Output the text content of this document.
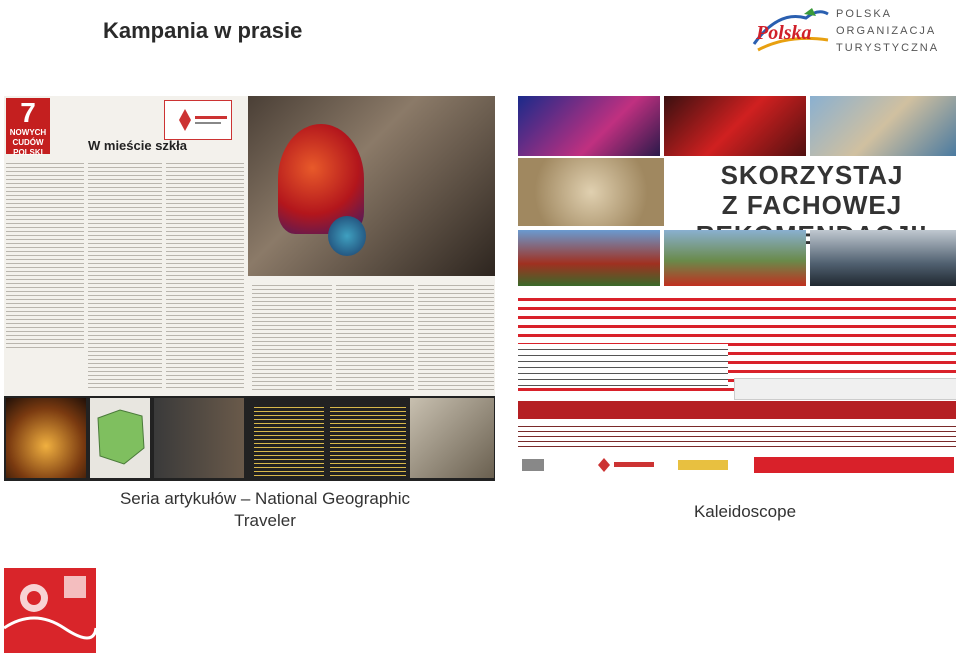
Kampania w prasie	Polska
POLSKA
ORGANIZACJA
TURYSTYCZNA
7
NOWYCH CUDÓW POLSKI	W mieście szkła
SKORZYSTAJ
Z FACHOWEJ
Seria artykułów – National Geographic
Traveler	Kaleidoscope
